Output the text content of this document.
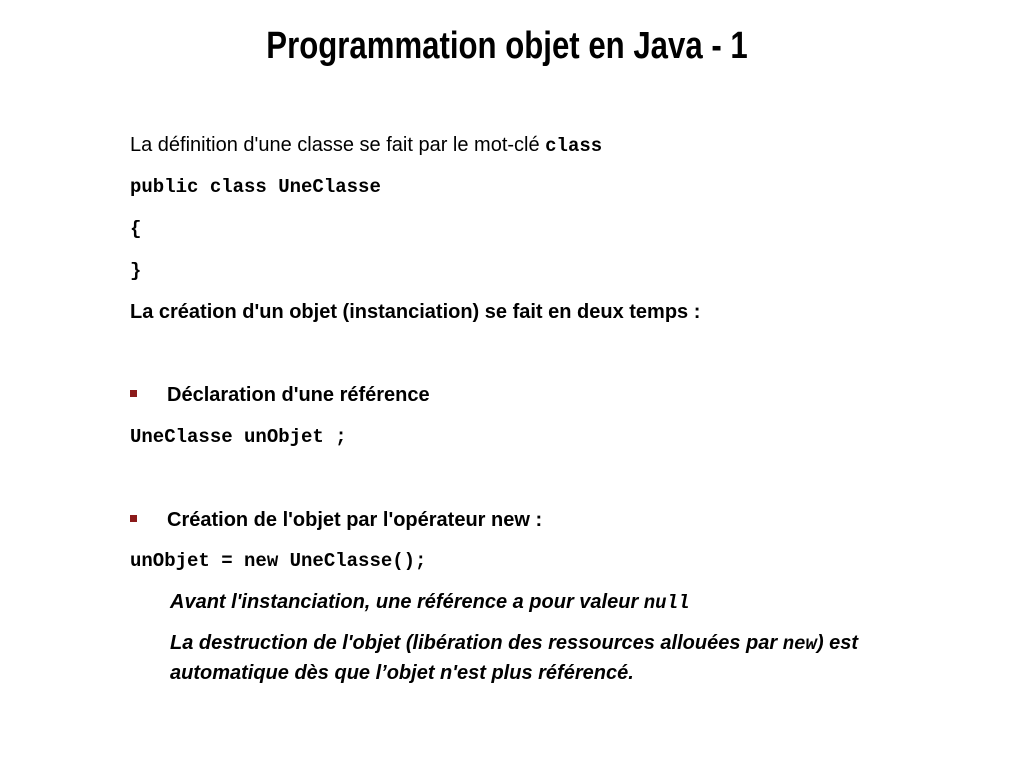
Programmation objet en Java - 1
La définition d'une classe se fait par le mot-clé class
public class UneClasse
{
}
La création d'un objet (instanciation) se fait en deux temps :
Déclaration d'une référence
UneClasse unObjet ;
Création de l'objet par l'opérateur new :
unObjet = new UneClasse();
Avant l'instanciation, une référence a pour valeur null
La destruction de l'objet (libération des ressources allouées par new) est automatique dès que l’objet n'est plus référencé.
